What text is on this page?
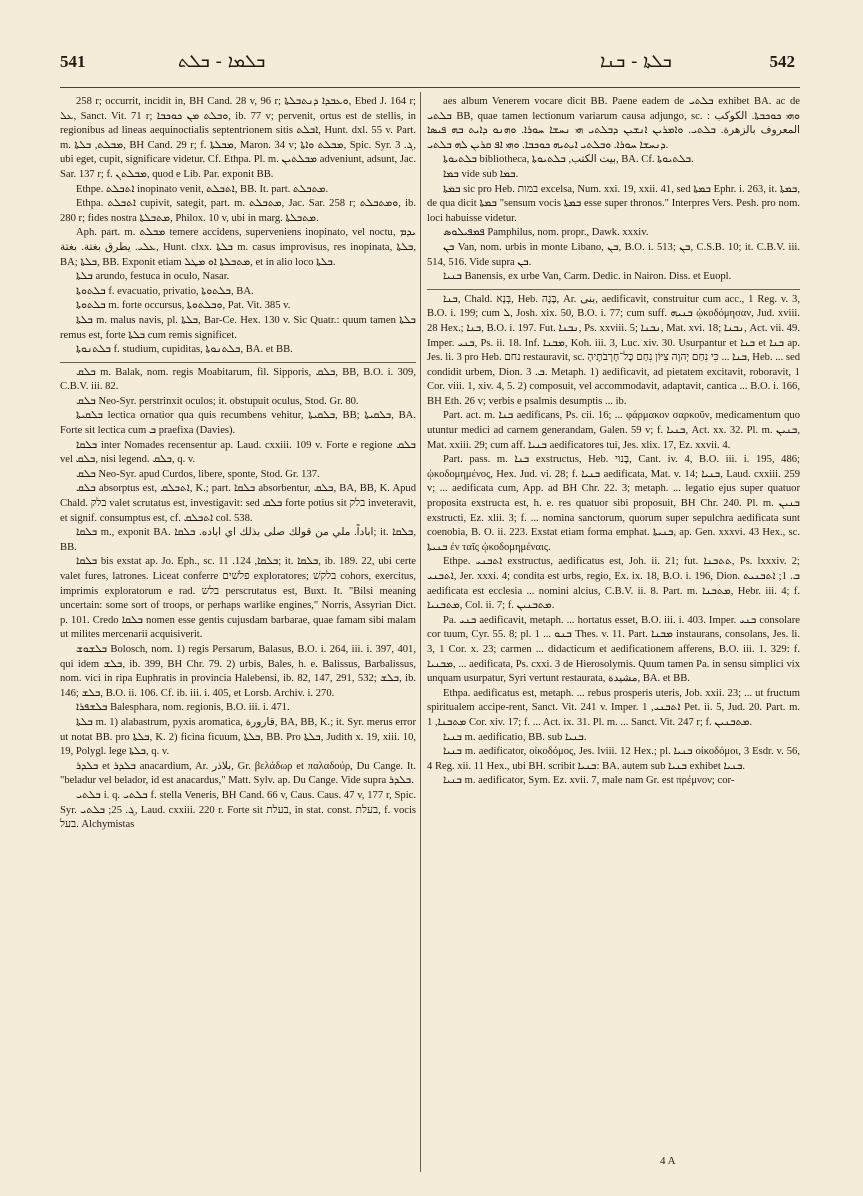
541	ܒܠܡܐ - ܒܠܬ	ܒܠܬܐ - ܒܢܐ	542

258 r; occurrit, incidit in, BH Cand. 28 v, 96 r; ܘܥܒܕܐ ܕܢܬܒܠܬܐ, Ebed J. 164 r; ܥܠ, Sanct. Vit. 71 r; ܘܒܠܬ ܡܢ ܟܘܟܒܐ, ib. 77 v; pervenit, ortus est de stellis, in regionibus ad lineas aequinoctialis septentrionem sitis ܐܒܠܬ, Hunt. dxl. 55 v. Part. m. ܡܒܠܬ, ܒܠܬܐ, BH Cand. 29 r; f. ܡܒܠܬܐ, Maron. 34 v; ܡܒܠܬ ܘܐܬܐ, Spic. Syr. ܓ. 3, ubi eget, cupit, significare videtur. Cf. Ethpa. Pl. m. ܡܒܠܬܝܢ adveniunt, adsunt, Jac. Sar. 137 r; f. ܡܒܠܬܢ, quod e Lib. Par. exponit BB.

Ethpe. ܐܬܒܠܬ inopinato venit, ܐܬܒܠܬ, BB. It. part. ܡܬܒܠܬ.

Ethpa. ܐܬܒܠܬ cupivit, sategit, part. m. ܡܬܒܠܬ, Jac. Sar. 258 r; ܘܡܬܒܠܬ, ib. 280 r; fides nostra ܡܬܒܠܬܐ, Philox. 10 v, ubi in marg. ܡܬܒܠܬܐ.

Aph. part. m. ܡܒܠܬ temere accidens, superveniens inopinato, vel noctu, ܝܕܡ ܥܠܝ. يطرق بغتة. بغتة, Hunt. clxx. ܒܠܬܐ m. casus improvisus, res inopinata, ܒܠܬܐ, BA; ܒܠܬܐ, BB. Exponit etiam ܡܬܒܠܬܐ ܐܘ ܡܛܠ, et in alio loco ܒܠܬܐ.

ܒܠܬܐ arundo, festuca in oculo, Nasar.

ܒܠܬܘܬܐ f. evacuatio, privatio, ܒܠܬܘܬܐ, BA.

ܒܠܬܘܬܐ m. forte occursus, ܘܒܠܬܘܬܐ, Pat. Vit. 385 v.

ܒܠܬܐ m. malus navis, pl. ܒܠܬܐ, Bar-Ce. Hex. 130 v. Sic Quatr.: quum tamen ܒܠܬܐ remus est, forte ܒܠܬܐ cum remis significet.

ܒܠܬܢܘܬܐ f. studium, cupiditas, ܒܠܬܢܘܬܐ, BA. et BB.

ܒܠܩ m. Balak, nom. regis Moabitarum, fil. Sipporis, ܒܠܩ, BB, B.O. i. 309, C.B.V. iii. 82.

ܒܠܩ Neo-Syr. perstrinxit oculos; it. obstupuit oculus, Stod. Gr. 80.

ܒܠܩܝܬܐ lectica ornatior qua quis recumbens vehitur, ܒܠܩܝܬܐ, BB; ܒܠܩܝܬܐ, BA. Forte sit lectica cum ܒ praefixa (Davies).

ܒܠܩܐ inter Nomades recensentur ap. Laud. cxxiii. 109 v. Forte e regione ܒܠܩ vel ܒܠܩ, nisi legend. ܒܠܩ, q. v.

ܒܠܩ Neo-Syr. apud Curdos, libere, sponte, Stod. Gr. 137.

ܒܠܩ absorptus est, ܐܬܒܠܩ, K.; part. ܒܠܩܐ absorbentur, ܒܠܩ, BA, BB, K. Apud Chald. בלק valet scrutatus est, investigavit: sed ܒܠܩ forte potius sit בלק inveteravit, et signif. consumptus est, cf. ܐܬܒܠܩ col. 538.

ܒܠܩܐ m., exponit BA. اباداً. ملي من قولك صلى بذلك اي اباده. ܒܠܩܐ; it. ܒܠܩܐ, BB.

ܒܠܩܐ bis exstat ap. Jo. Eph., sc. ܒܠܩܐ, 124. 11; it. ܒܠܩܐ, ib. 189. 22, ubi certe valet fures, latrones. Liceat conferre פלשׁים exploratores; בלקשׁ cohors, exercitus, imprimis exploratorum e rad. בלש perscrutatus est, Buxt. It. "Bilsi meaning uncertain: some sort of troops, or perhaps warlike engines," Norris, Assyrian Dict. p. 101. Credo ܒܠܩܐ nomen esse gentis cujusdam barbarae, quae famam sibi malam ut milites mercenarii acquisiverit.

ܒܠܫܘܫ Bolosch, nom. 1) regis Persarum, Balasus, B.O. i. 264, iii. i. 397, 401, qui idem ܒܠܫ, ib. 399, BH Chr. 79. 2) urbis, Bales, h. e. Balissus, Barbalissus, nom. vici in ripa Euphratis in provincia Halebensi, ib. 82, 147, 291, 532; ܒܠܫ, ib. 146; ܒܠܫ, B.O. ii. 106. Cf. ib. iii. i. 405, et Lorsb. Archiv. i. 270.

ܒܠܫܦܪܐ Balesphara, nom. regionis, B.O. iii. i. 471.

ܒܠܬܐ m. 1) alabastrum, pyxis aromatica, قارورة, BA, BB, K.; it. Syr. merus error ut notat BB. pro ܒܠܬܐ, K. 2) ficina ficuum, ܒܠܬܐ, BB. Pro ܒܠܬܐ, Judith x. 19, xiii. 10, 19, Polygl. lege ܒܠܬܐ, q. v.

ܒܠܕܪ et ܒܠܕܪ anacardium, Ar. بلاذر, Gr. βελάδωρ et παλαδούρ, Du Cange. It. "beladur vel belador, id est anacardus," Matt. Sylv. ap. Du Cange. Vide supra ܒܠܕܪ.

ܒܠܬܝ i. q. ܒܠܬܝ f. stella Veneris, BH Cand. 66 v, Caus. Caus. 47 v, 177 r, Spic. Syr. ܓ. 25; ܒܠܬܝ, Laud. cxxiii. 220 r. Forte sit בעלת, in stat. const. בעלת, f. vocis בעל. Alchymistas

aes album Venerem vocare dicit BB. Paene eadem de ܒܠܬܝ exhibet BA. ac de ܒܠܬܝ BB, quae tamen lectionum variarum causa adjungo, sc. : ܘܗܝ ܟܘܟܒܬܐ. الكوكب المعروف بالزهرة. ܒܠܬܝ. ܘܐܡܪܝܢ ܐܢܫܝܢ ܕܒܠܬܝ ܗܝ ܢܚܫܐ ܚܘܪܐ. ܘܗܢܘ ܕܐܝܬ ܒܗ ܦܝܣܐ ܕܢܚܫܐ ܚܘܪܐ. ܘܒܠܬܝ ܐܝܬܝܗ ܟܘܟܒܐ. ܘܗܝ ܐܦ ܩܪܝܢ ܠܗ ܒܠܬܝ.

ܒܠܬܝܘܬܐ bibliotheca, بيت الكتب, ܒܠܬܝܘܬܐ, BA. Cf. ܒܠܬܝܘܬܐ.

ܒܡܐ vide sub ܒܡܐ.

ܒܡܬܐ sic pro Heb. במות excelsa, Num. xxi. 19, xxii. 41, sed ܒܡܬܐ Ephr. i. 263, it. ܒܡܬܐ, de qua dicit ܒܡܬܐ "sensum vocis ܒܡܬܐ esse super thronos." Interpres Vers. Pesh. pro nom. loci habuisse videtur.

ܦܡܦܝܠܘܣ Pamphilus, nom. propr., Dawk. xxxiv.

ܒܢ Van, nom. urbis in monte Libano, ܒܢ, B.O. i. 513; ܒܢ, C.S.B. 10; it. C.B.V. iii. 514, 516. Vide supra ܒܢ.

ܒܢܝܐ Banensis, ex urbe Van, Carm. Dedic. in Nairon. Diss. et Euopl.

ܒܢܐ, Chald. בְּנָא, Heb. בָּנָה, Ar. بنى, aedificavit, construitur cum acc., 1 Reg. v. 3, B.O. i. 199; cum ܠ, Josh. xix. 50, B.O. i. 77; cum suff. ܒܢܝܗ ᾠκοδόμησαν, Jud. xviii. 28 Hex.; ܒܢܐ, B.O. i. 197. Fut. ܢܒܢܐ, Ps. xxviii. 5; ܢܒܢܐ, Mat. xvi. 18; ܢܒܢܐ, Act. vii. 49. Imper. ܒܢܝ, Ps. ii. 18. Inf. ܡܒܢܐ, Koh. iii. 3, Luc. xiv. 30. Usurpantur et ܒܢܐ et ܒܢܐ ap. Jes. li. 3 pro Heb. נחם restauravit, sc. ܒܢܐ ... כִּי נִחַם יְהוָה צִיּוֹן נִחַם כָּל־חָרְבֹתֶיהָ, Heb. ... sed condidit urbem, Dion. ܒ. 3. Metaph. 1) aedificavit, ad pietatem excitavit, roboravit, 1 Cor. viii. 1, xiv. 4, 5. 2) composuit, vel accommodavit, adaptavit, cantica ... B.O. i. 166, BH Eth. 26 v; verbis e psalmis desumptis ... ib.

Part. act. m. ܒܢܐ aedificans, Ps. cii. 16; ... φάρμακον σαρκοῦν, medicamentum quo utuntur medici ad carnem generandam, Galen. 59 v; f. ܒܢܝܐ, Act. xx. 32. Pl. m. ܒܢܝܢ, Mat. xxiii. 29; cum aff. ܒܢܝܐ aedificatores tui, Jes. xlix. 17, Ez. xxvii. 4.

Part. pass. m. ܒܢܐ exstructus, Heb. בָּנוּי, Cant. iv. 4, B.O. iii. i. 195, 486; ᾠκοδομημένος, Hex. Jud. vi. 28; f. ܒܢܝܐ aedificata, Mat. v. 14; ܒܢܝܐ, Laud. cxxiii. 259 v; ... aedificata cum, App. ad BH Chr. 22. 3; metaph. ... legatio ejus super quatuor proposita exstructa est, h. e. res quatuor sibi proposuit, BH Chr. 240. Pl. m. ܒܢܝܢ exstructi, Ez. xlii. 3; f. ... nomina sanctorum, quorum super sepulchra aedificata sunt coenobia, B. O. ii. 223. Exstat etiam forma emphat. ܒܢܝܬܐ, ap. Gen. xxxvi. 43 Hex., sc. ܒܢܝܬܐ ἐν ταῖς ᾠκοδομημέναις.

Ethpe. ܐܬܒܢܝ exstructus, aedificatus est, Joh. ii. 21; fut. ܬܬܒܢܐ, Ps. lxxxiv. 2; ܐܬܒܢܝ, Jer. xxxi. 4; condita est urbs, regio, Ex. ix. 18, B.O. i. 196, Dion. ܒ. 1; ܐܬܒܢܝܬ aedificata est ecclesia ... nomini alcius, C.B.V. ii. 8. Part. m. ܡܬܒܢܐ, Hebr. iii. 4; f. ܡܬܒܢܝܐ, Col. ii. 7; f. ܡܬܒܢܝܢ.

Pa. ܒܢܝ aedificavit, metaph. ... hortatus esset, B.O. iii. i. 403. Imper. ܒܢܝ consolare cor tuum, Cyr. 55. 8; pl. ܒܢܘ ... 1 Thes. v. 11. Part. ܡܒܢܐ instaurans, consolans, Jes. li. 3, 1 Cor. x. 23; carmen ... didacticum et aedificationem afferens, B.O. iii. 1. 329: f. ܡܒܢܝܐ, ... aedificata, Ps. cxxi. 3 de Hierosolymis. Quum tamen Pa. in sensu simplici vix unquam usurpatur, Syri vertunt restaurata, مشيدة, BA. et BB.

Ethpa. aedificatus est, metaph. ... rebus prosperis uteris, Job. xxii. 23; ... ut fructum spiritualem accipe-rent, Sanct. Vit. 241 v. Imper. ܐܬܒܢܝ, 1 Pet. ii. 5, Jud. 20. Part. m. ܡܬܒܢܐ, 1 Cor. xiv. 17; f. ... Act. ix. 31. Pl. m. ... Sanct. Vit. 247 r; f. ܡܬܒܢܝܢ.

ܒܢܝܐ m. aedificatio, BB. sub ܒܢܝܐ.

ܒܢܝܐ m. aedificator, οἰκοδόμος, Jes. lviii. 12 Hex.; pl. ܒܢܝܐ οἰκοδόμοι, 3 Esdr. v. 56, 4 Reg. xii. 11 Hex., ubi BH. scribit ܒܢܝܐ: BA. autem sub ܒܢܝܐ exhibet ܒܢܝܐ.

ܒܢܝܐ m. aedificator, Sym. Ez. xvii. 7, male nam Gr. est πρέμνον; cor-

4 A
